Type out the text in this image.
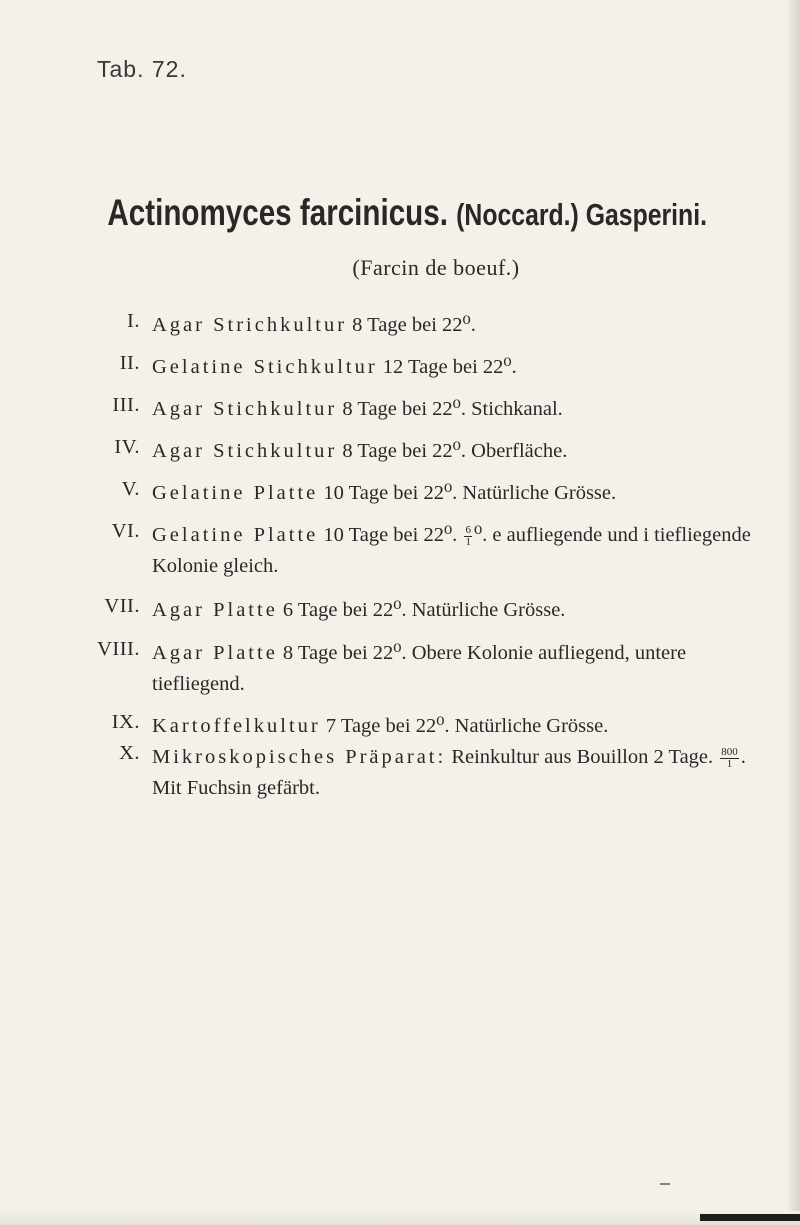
Tab. 72.
Actinomyces farcinicus. (Noccard.) Gasperini.
(Farcin de boeuf.)
I. Agar Strichkultur 8 Tage bei 22⁰.
II. Gelatine Stichkultur 12 Tage bei 22⁰.
III. Agar Stichkultur 8 Tage bei 22⁰. Stichkanal.
IV. Agar Stichkultur 8 Tage bei 22⁰. Oberfläche.
V. Gelatine Platte 10 Tage bei 22⁰. Natürliche Grösse.
VI. Gelatine Platte 10 Tage bei 22⁰. $\frac{6}{1} ^0$. e aufliegende und i tiefliegende Kolonie gleich.
VII. Agar Platte 6 Tage bei 22⁰. Natürliche Grösse.
VIII. Agar Platte 8 Tage bei 22⁰. Obere Kolonie aufliegend, untere tiefliegend.
IX. Kartoffelkultur 7 Tage bei 22⁰. Natürliche Grösse.
X. Mikroskopisches Präparat: Reinkultur aus Bouillon 2 Tage. $\frac{800}{1}$ . Mit Fuchsin gefärbt.
